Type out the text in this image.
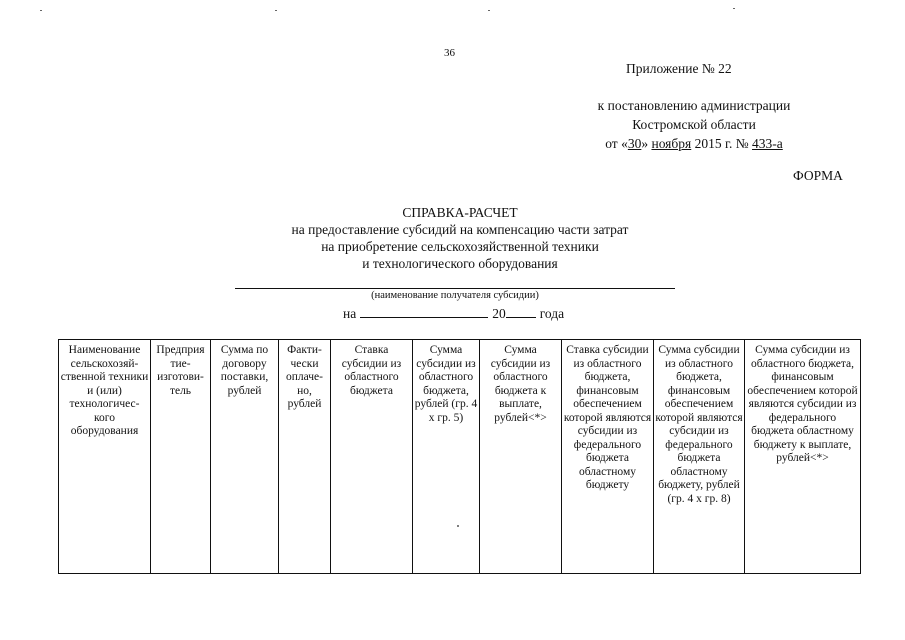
36
Приложение № 22
к постановлению администрации
Костромской области
от «30» ноября 2015 г. № 433-а
ФОРМА
СПРАВКА-РАСЧЕТ
на предоставление субсидий на компенсацию части затрат
на приобретение сельскохозяйственной техники
и технологического оборудования
(наименование получателя субсидии)
на	20	года
Наименование сельскохозяй-ственной техники и (или) технологичес-кого оборудования	Предприя тие-изготови-тель	Сумма по договору поставки, рублей	Факти-чески оплаче-но, рублей	Ставка субсидии из областного бюджета	Сумма субсидии из областного бюджета, рублей (гр. 4 х гр. 5)	Сумма субсидии из областного бюджета к выплате, рублей<*>	Ставка субсидии из областного бюджета, финансовым обеспечением которой являются субсидии из федерального бюджета областному бюджету	Сумма субсидии из областного бюджета, финансовым обеспечением которой являются субсидии из федерального бюджета областному бюджету, рублей (гр. 4 х гр. 8)	Сумма субсидии из областного бюджета, финансовым обеспечением которой являются субсидии из федерального бюджета областному бюджету к выплате, рублей<*>
